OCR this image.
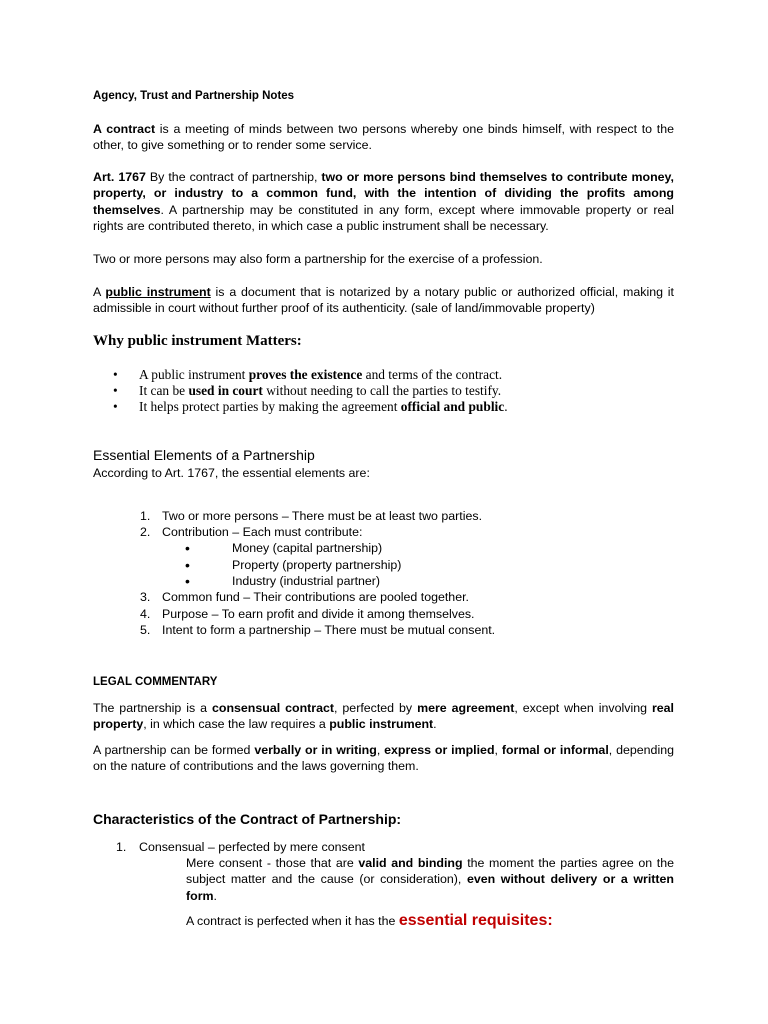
Agency, Trust and Partnership Notes

A contract is a meeting of minds between two persons whereby one binds himself, with respect to the other, to give something or to render some service.

Art. 1767 By the contract of partnership, two or more persons bind themselves to contribute money, property, or industry to a common fund, with the intention of dividing the profits among themselves. A partnership may be constituted in any form, except where immovable property or real rights are contributed thereto, in which case a public instrument shall be necessary.

Two or more persons may also form a partnership for the exercise of a profession.

A public instrument is a document that is notarized by a notary public or authorized official, making it admissible in court without further proof of its authenticity. (sale of land/immovable property)

Why public instrument Matters:

• A public instrument proves the existence and terms of the contract.
• It can be used in court without needing to call the parties to testify.
• It helps protect parties by making the agreement official and public.

Essential Elements of a Partnership

According to Art. 1767, the essential elements are:

1. Two or more persons – There must be at least two parties.
2. Contribution – Each must contribute:
•	Money (capital partnership)
•	Property (property partnership)
•	Industry (industrial partner)
3. Common fund – Their contributions are pooled together.
4. Purpose – To earn profit and divide it among themselves.
5. Intent to form a partnership – There must be mutual consent.

LEGAL COMMENTARY

The partnership is a consensual contract, perfected by mere agreement, except when involving real property, in which case the law requires a public instrument.

A partnership can be formed verbally or in writing, express or implied, formal or informal, depending on the nature of contributions and the laws governing them.

Characteristics of the Contract of Partnership:

1. Consensual – perfected by mere consent

Mere consent - those that are valid and binding the moment the parties agree on the subject matter and the cause (or consideration), even without delivery or a written form.

A contract is perfected when it has the essential requisites:
